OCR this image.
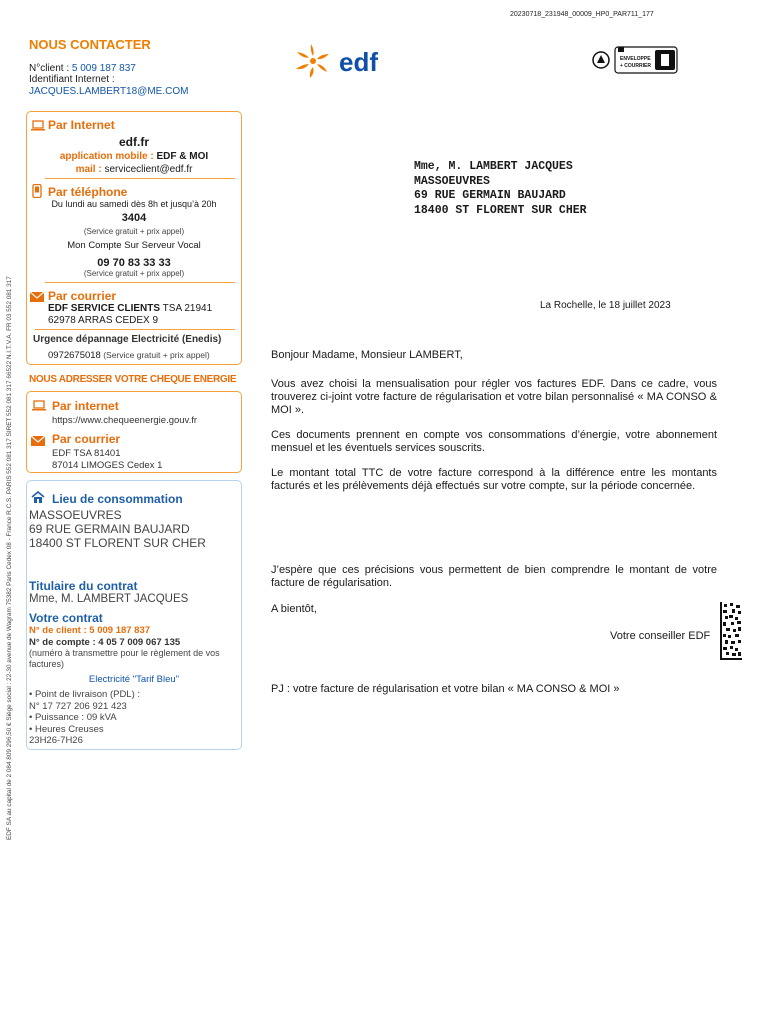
20230718_231948_00009_HP0_PAR711_177
edf	ENVELOPPE
+ COURRIER
NOUS CONTACTER
N°client : 5 009 187 837
Identifiant Internet :
JACQUES.LAMBERT18@ME.COM
Par Internet
edf.fr
application mobile : EDF & MOI
mail : serviceclient@edf.fr
Par téléphone
Du lundi au samedi dès 8h et jusqu’à 20h
3404
(Service gratuit + prix appel)
Mon Compte Sur Serveur Vocal
09 70 83 33 33
(Service gratuit + prix appel)
Par courrier
EDF SERVICE CLIENTS TSA 21941
62978 ARRAS CEDEX 9
Urgence dépannage Electricité (Enedis)
0972675018 (Service gratuit + prix appel)
NOUS ADRESSER VOTRE CHEQUE ENERGIE
Par internet
https://www.chequeenergie.gouv.fr
Par courrier
EDF TSA 81401
87014 LIMOGES Cedex 1
Lieu de consommation
MASSOEUVRES
69 RUE GERMAIN BAUJARD
18400 ST FLORENT SUR CHER
Titulaire du contrat
Mme, M. LAMBERT JACQUES
Votre contrat
N° de client : 5 009 187 837
N° de compte : 4 05 7 009 067 135
(numéro à transmettre pour le règlement de vos factures)
Electricité "Tarif Bleu"
• Point de livraison (PDL) :
N° 17 727 206 921 423
• Puissance : 09 kVA
• Heures Creuses
23H26-7H26
EDF SA au capital de 2 084 809 296,50 € Siège social : 22-30 avenue de Wagram 75382 Paris Cedex 08 - France R.C.S. PARIS 552 081 317 SIRET 552 081 317 66522 N.I.T.V.A. FR 03 552 081 317
Mme, M. LAMBERT JACQUES
MASSOEUVRES
69 RUE GERMAIN BAUJARD
18400 ST FLORENT SUR CHER
La Rochelle, le 18 juillet 2023
Bonjour Madame, Monsieur LAMBERT,
Vous avez choisi la mensualisation pour régler vos factures EDF. Dans ce cadre, vous trouverez ci-joint votre facture de régularisation et votre bilan personnalisé « MA CONSO & MOI ».
Ces documents prennent en compte vos consommations d’énergie, votre abonnement mensuel et les éventuels services souscrits.
Le montant total TTC de votre facture correspond à la différence entre les montants facturés et les prélèvements déjà effectués sur votre compte, sur la période concernée.
J’espère que ces précisions vous permettent de bien comprendre le montant de votre facture de régularisation.
A bientôt,
Votre conseiller EDF
PJ : votre facture de régularisation et votre bilan « MA CONSO & MOI »
